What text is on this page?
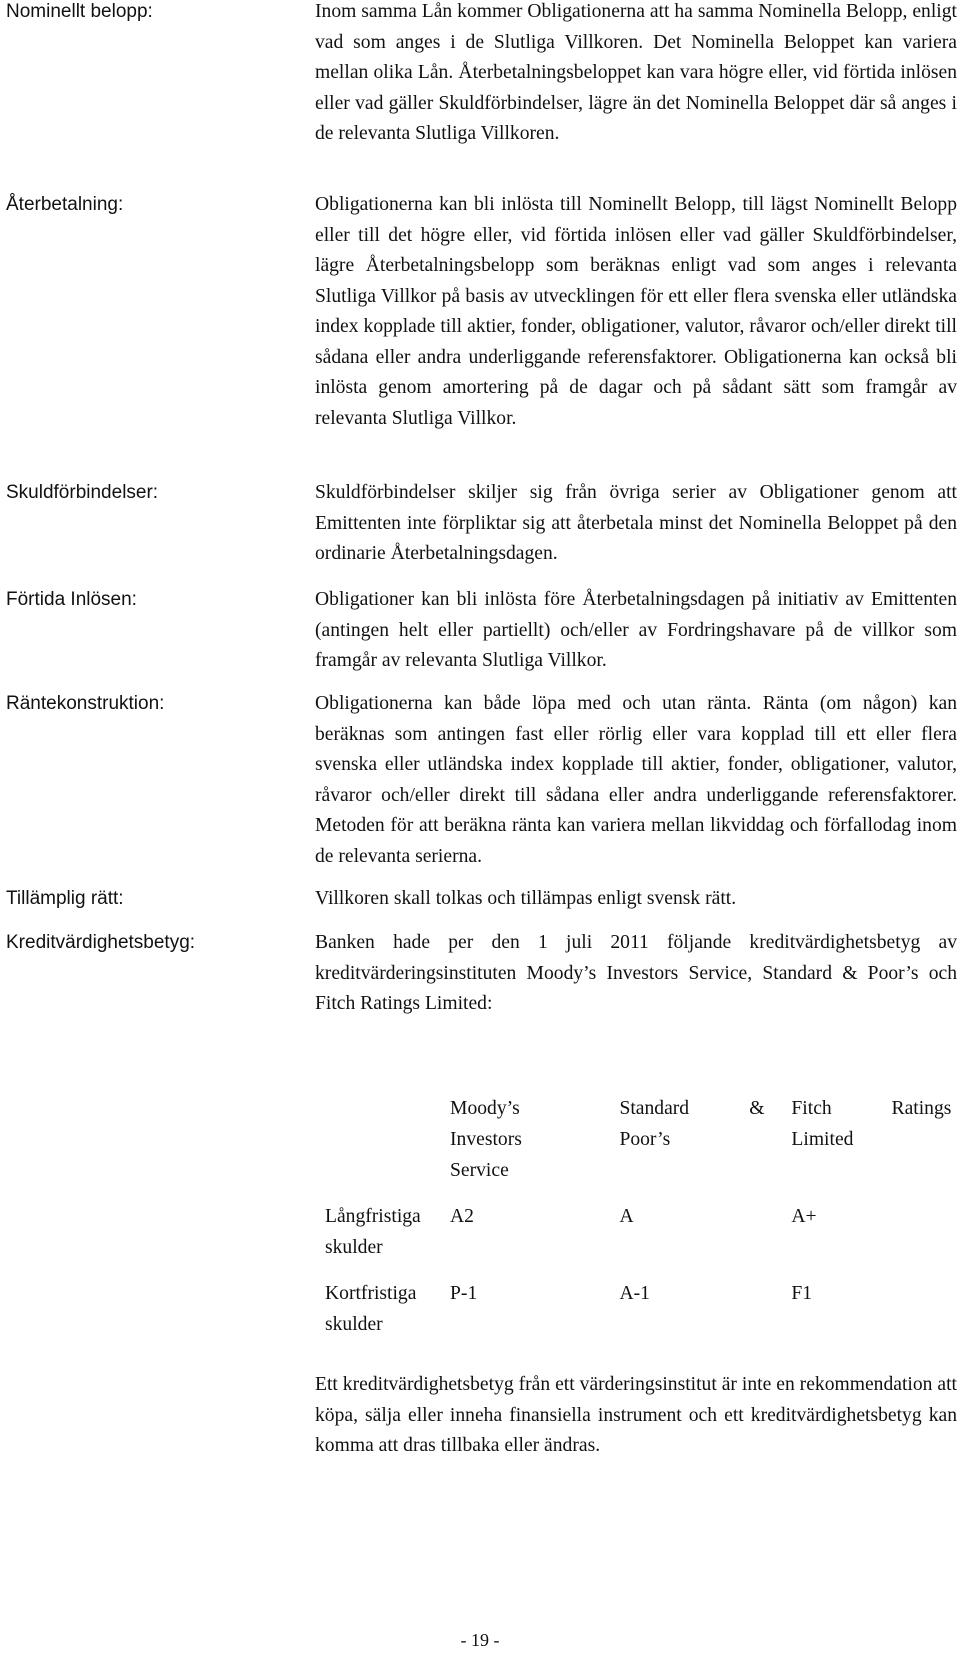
Nominellt belopp:	Inom samma Lån kommer Obligationerna att ha samma Nominella Belopp, enligt vad som anges i de Slutliga Villkoren. Det Nominella Beloppet kan variera mellan olika Lån. Återbetalningsbeloppet kan vara högre eller, vid förtida inlösen eller vad gäller Skuldförbindelser, lägre än det Nominella Beloppet där så anges i de relevanta Slutliga Villkoren.

Återbetalning:	Obligationerna kan bli inlösta till Nominellt Belopp, till lägst Nominellt Belopp eller till det högre eller, vid förtida inlösen eller vad gäller Skuldförbindelser, lägre Återbetalningsbelopp som beräknas enligt vad som anges i relevanta Slutliga Villkor på basis av utvecklingen för ett eller flera svenska eller utländska index kopplade till aktier, fonder, obligationer, valutor, råvaror och/eller direkt till sådana eller andra underliggande referensfaktorer. Obligationerna kan också bli inlösta genom amortering på de dagar och på sådant sätt som framgår av relevanta Slutliga Villkor.

Skuldförbindelser:	Skuldförbindelser skiljer sig från övriga serier av Obligationer genom att Emittenten inte förpliktar sig att återbetala minst det Nominella Beloppet på den ordinarie Återbetalningsdagen.

Förtida Inlösen:	Obligationer kan bli inlösta före Återbetalningsdagen på initiativ av Emittenten (antingen helt eller partiellt) och/eller av Fordringshavare på de villkor som framgår av relevanta Slutliga Villkor.

Räntekonstruktion:	Obligationerna kan både löpa med och utan ränta. Ränta (om någon) kan beräknas som antingen fast eller rörlig eller vara kopplad till ett eller flera svenska eller utländska index kopplade till aktier, fonder, obligationer, valutor, råvaror och/eller direkt till sådana eller andra underliggande referensfaktorer. Metoden för att beräkna ränta kan variera mellan likviddag och förfallodag inom de relevanta serierna.

Tillämplig rätt:	Villkoren skall tolkas och tillämpas enligt svensk rätt.

Kreditvärdighetsbetyg:	Banken hade per den 1 juli 2011 följande kreditvärdighetsbetyg av kreditvärderingsinstituten Moody’s Investors Service, Standard & Poor’s och Fitch Ratings Limited:

	Moody’s Investors Service	Standard & Poor’s	Fitch Ratings Limited

Långfristiga skulder	A2	A	A+

Kortfristiga skulder	P-1	A-1	F1

Ett kreditvärdighetsbetyg från ett värderingsinstitut är inte en rekommendation att köpa, sälja eller inneha finansiella instrument och ett kreditvärdighetsbetyg kan komma att dras tillbaka eller ändras.

- 19 -
